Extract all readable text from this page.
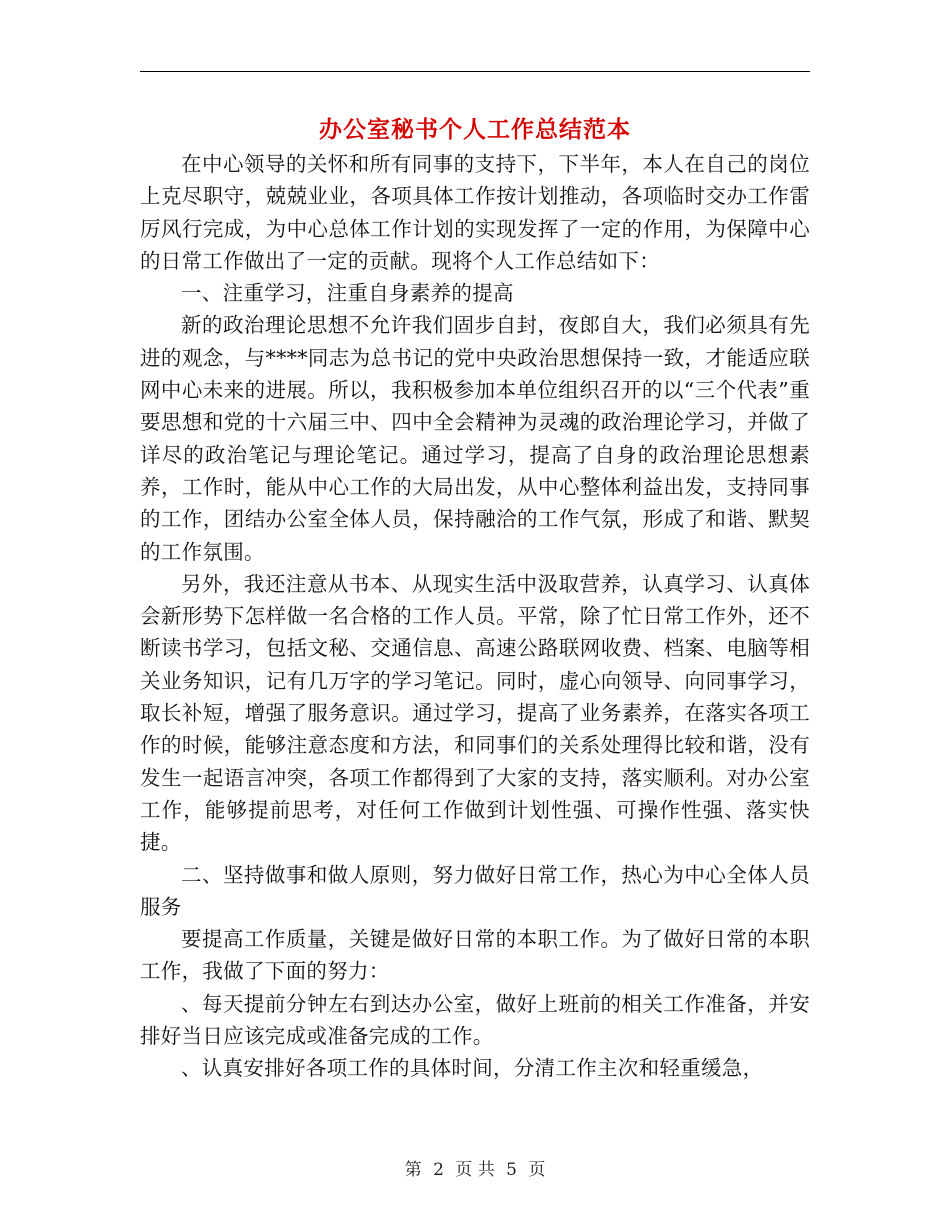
办公室秘书个人工作总结范本

在中心领导的关怀和所有同事的支持下，下半年，本人在自己的岗位上克尽职守，兢兢业业，各项具体工作按计划推动，各项临时交办工作雷厉风行完成，为中心总体工作计划的实现发挥了一定的作用，为保障中心的日常工作做出了一定的贡献。现将个人工作总结如下：

一、注重学习，注重自身素养的提高

新的政治理论思想不允许我们固步自封，夜郎自大，我们必须具有先进的观念，与****同志为总书记的党中央政治思想保持一致，才能适应联网中心未来的进展。所以，我积极参加本单位组织召开的以“三个代表”重要思想和党的十六届三中、四中全会精神为灵魂的政治理论学习，并做了详尽的政治笔记与理论笔记。通过学习，提高了自身的政治理论思想素养，工作时，能从中心工作的大局出发，从中心整体利益出发，支持同事的工作，团结办公室全体人员，保持融洽的工作气氛，形成了和谐、默契的工作氛围。

另外，我还注意从书本、从现实生活中汲取营养，认真学习、认真体会新形势下怎样做一名合格的工作人员。平常，除了忙日常工作外，还不断读书学习，包括文秘、交通信息、高速公路联网收费、档案、电脑等相关业务知识，记有几万字的学习笔记。同时，虚心向领导、向同事学习，取长补短，增强了服务意识。通过学习，提高了业务素养，在落实各项工作的时候，能够注意态度和方法，和同事们的关系处理得比较和谐，没有发生一起语言冲突，各项工作都得到了大家的支持，落实顺利。对办公室工作，能够提前思考，对任何工作做到计划性强、可操作性强、落实快捷。

二、坚持做事和做人原则，努力做好日常工作，热心为中心全体人员服务

要提高工作质量，关键是做好日常的本职工作。为了做好日常的本职工作，我做了下面的努力：

、每天提前分钟左右到达办公室，做好上班前的相关工作准备，并安排好当日应该完成或准备完成的工作。

、认真安排好各项工作的具体时间，分清工作主次和轻重缓急，

第 2 页 共 5 页
